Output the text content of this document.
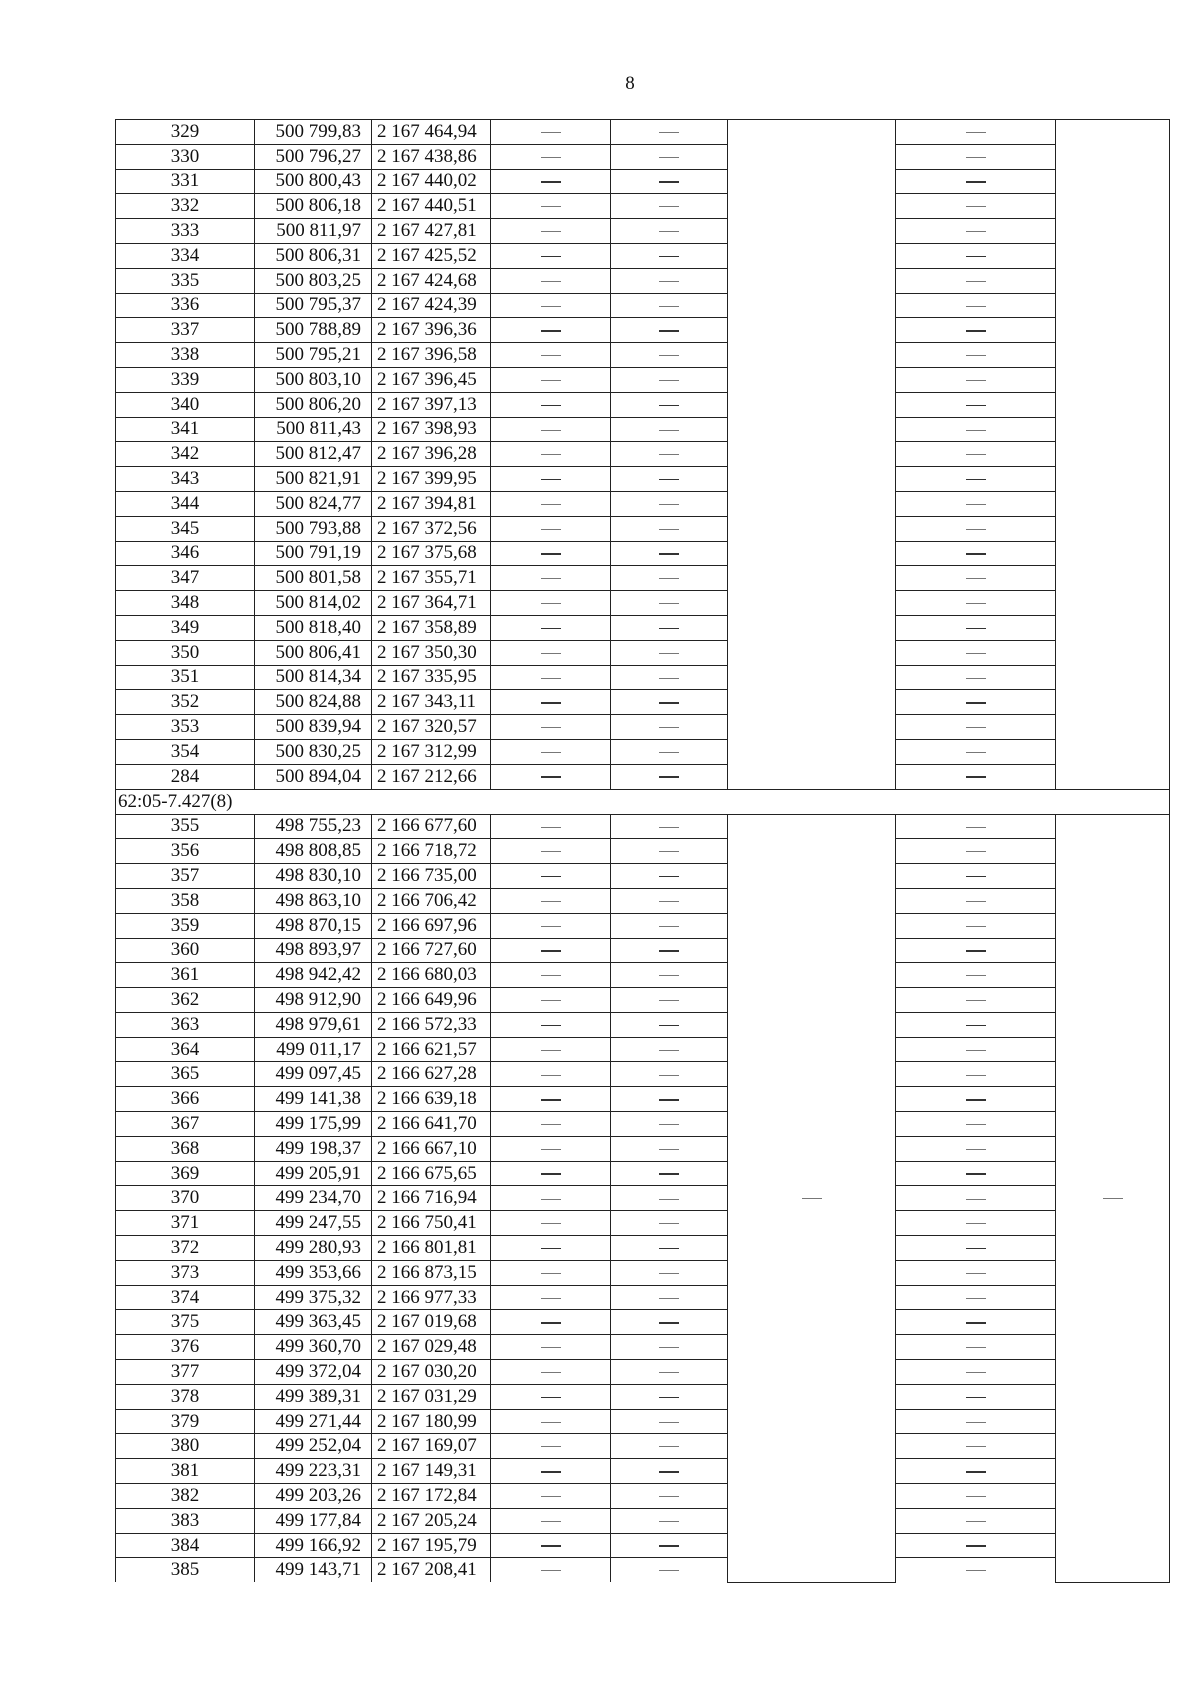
8
329	500 799,83	2 167 464,94					
330	500 796,27	2 167 438,86					
331	500 800,43	2 167 440,02					
332	500 806,18	2 167 440,51					
333	500 811,97	2 167 427,81					
334	500 806,31	2 167 425,52					
335	500 803,25	2 167 424,68					
336	500 795,37	2 167 424,39					
337	500 788,89	2 167 396,36					
338	500 795,21	2 167 396,58					
339	500 803,10	2 167 396,45					
340	500 806,20	2 167 397,13					
341	500 811,43	2 167 398,93					
342	500 812,47	2 167 396,28					
343	500 821,91	2 167 399,95					
344	500 824,77	2 167 394,81					
345	500 793,88	2 167 372,56					
346	500 791,19	2 167 375,68					
347	500 801,58	2 167 355,71					
348	500 814,02	2 167 364,71					
349	500 818,40	2 167 358,89					
350	500 806,41	2 167 350,30					
351	500 814,34	2 167 335,95					
352	500 824,88	2 167 343,11					
353	500 839,94	2 167 320,57					
354	500 830,25	2 167 312,99					
284	500 894,04	2 167 212,66					
62:05-7.427(8)							
355	498 755,23	2 166 677,60					
356	498 808,85	2 166 718,72					
357	498 830,10	2 166 735,00					
358	498 863,10	2 166 706,42					
359	498 870,15	2 166 697,96					
360	498 893,97	2 166 727,60					
361	498 942,42	2 166 680,03					
362	498 912,90	2 166 649,96					
363	498 979,61	2 166 572,33					
364	499 011,17	2 166 621,57					
365	499 097,45	2 166 627,28					
366	499 141,38	2 166 639,18					
367	499 175,99	2 166 641,70					
368	499 198,37	2 166 667,10					
369	499 205,91	2 166 675,65					
370	499 234,70	2 166 716,94					
371	499 247,55	2 166 750,41					
372	499 280,93	2 166 801,81					
373	499 353,66	2 166 873,15					
374	499 375,32	2 166 977,33					
375	499 363,45	2 167 019,68					
376	499 360,70	2 167 029,48					
377	499 372,04	2 167 030,20					
378	499 389,31	2 167 031,29					
379	499 271,44	2 167 180,99					
380	499 252,04	2 167 169,07					
381	499 223,31	2 167 149,31					
382	499 203,26	2 167 172,84					
383	499 177,84	2 167 205,24					
384	499 166,92	2 167 195,79					
385	499 143,71	2 167 208,41					
